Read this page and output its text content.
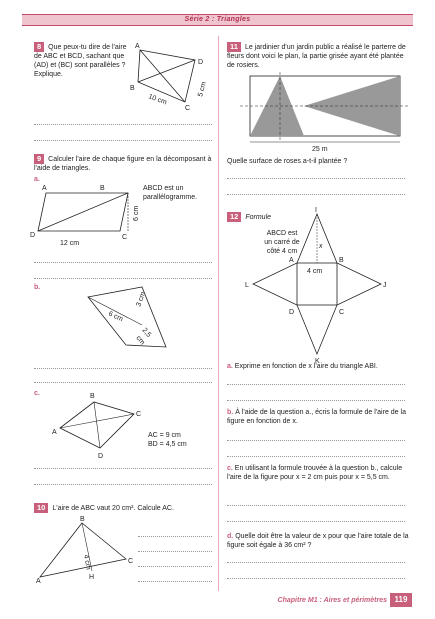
Série 2 : Triangles
8 Que peux-tu dire de l'aire de ABC et BCD, sachant que (AD) et (BC) sont parallèles ? Explique.
A
D
B
C
10 cm
5 cm
9 Calculer l'aire de chaque figure en la décomposant à l'aide de triangles.
a.
A	B
C
D
6 cm
12 cm
ABCD est un
parallélogramme.
b.
6 cm
3 cm
2,5
cm
c.
A
B
C
D
AC = 9 cm
BD = 4,5 cm
10 L'aire de ABC vaut 20 cm². Calcule AC.
B
C
A
H
4 cm
11 Le jardinier d'un jardin public a réalisé le parterre de fleurs dont voici le plan, la partie grisée ayant été plantée de rosiers.
25 m
Quelle surface de roses a-t-il plantée ?
12 Formule
ABCD est
un carré de
côté 4 cm
I
A	B
C
D
J
K
L
x
4 cm
a. Exprime en fonction de x l'aire du triangle ABI.
b. À l'aide de la question a., écris la formule de l'aire de la figure en fonction de x.
c. En utilisant la formule trouvée à la question b., calcule l'aire de la figure pour x = 2 cm puis pour x = 5,5 cm.
d. Quelle doit être la valeur de x pour que l'aire totale de la figure soit égale à 36 cm² ?
Chapitre M1 : Aires et périmètres 119
